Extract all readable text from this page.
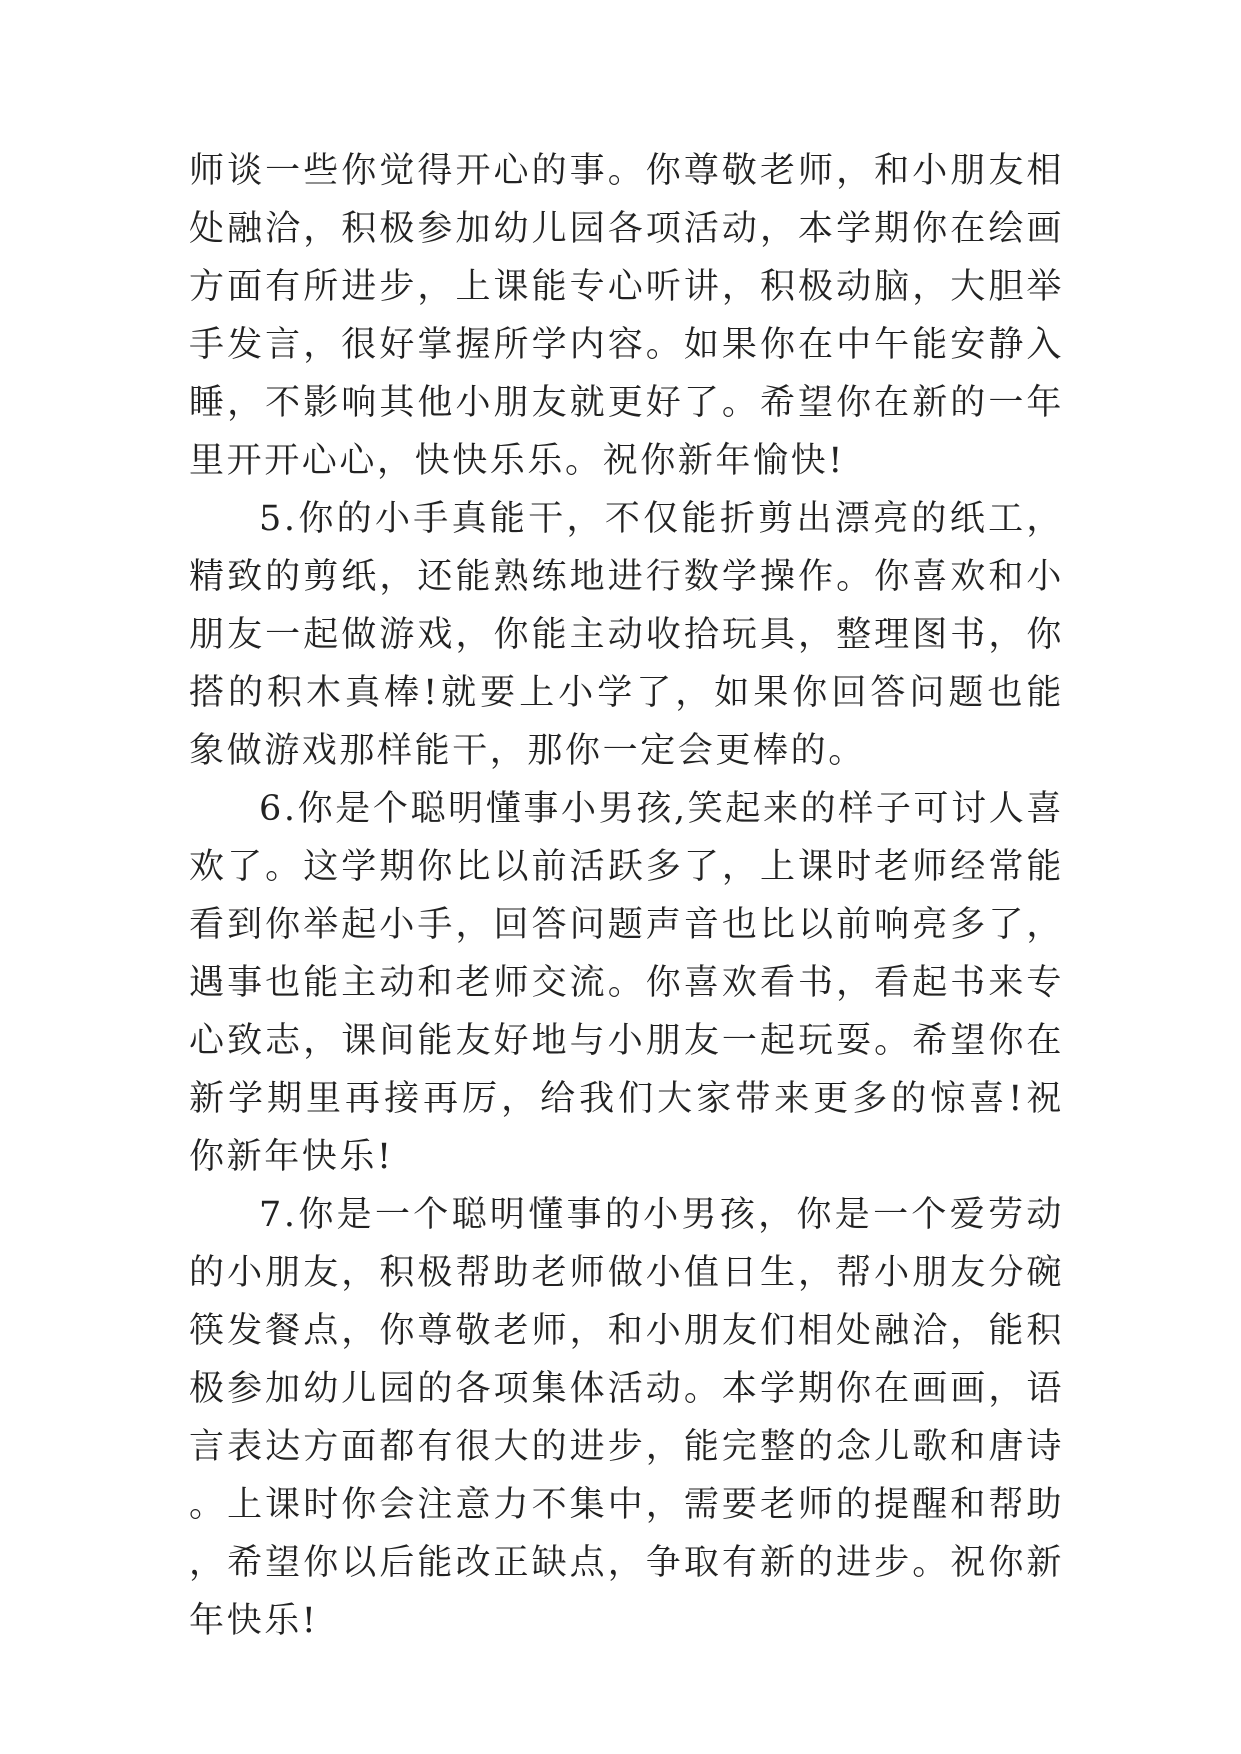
师谈一些你觉得开心的事。你尊敬老师，和小朋友相处融洽，积极参加幼儿园各项活动，本学期你在绘画方面有所进步，上课能专心听讲，积极动脑，大胆举手发言，很好掌握所学内容。如果你在中午能安静入睡，不影响其他小朋友就更好了。希望你在新的一年里开开心心，快快乐乐。祝你新年愉快!

5.你的小手真能干，不仅能折剪出漂亮的纸工，精致的剪纸，还能熟练地进行数学操作。你喜欢和小朋友一起做游戏，你能主动收拾玩具，整理图书，你搭的积木真棒!就要上小学了，如果你回答问题也能象做游戏那样能干，那你一定会更棒的。

6.你是个聪明懂事小男孩,笑起来的样子可讨人喜欢了。这学期你比以前活跃多了，上课时老师经常能看到你举起小手，回答问题声音也比以前响亮多了，遇事也能主动和老师交流。你喜欢看书，看起书来专心致志，课间能友好地与小朋友一起玩耍。希望你在新学期里再接再厉，给我们大家带来更多的惊喜!祝你新年快乐!

7.你是一个聪明懂事的小男孩，你是一个爱劳动的小朋友，积极帮助老师做小值日生，帮小朋友分碗筷发餐点，你尊敬老师，和小朋友们相处融洽，能积极参加幼儿园的各项集体活动。本学期你在画画，语言表达方面都有很大的进步，能完整的念儿歌和唐诗。上课时你会注意力不集中，需要老师的提醒和帮助，希望你以后能改正缺点，争取有新的进步。祝你新年快乐!
